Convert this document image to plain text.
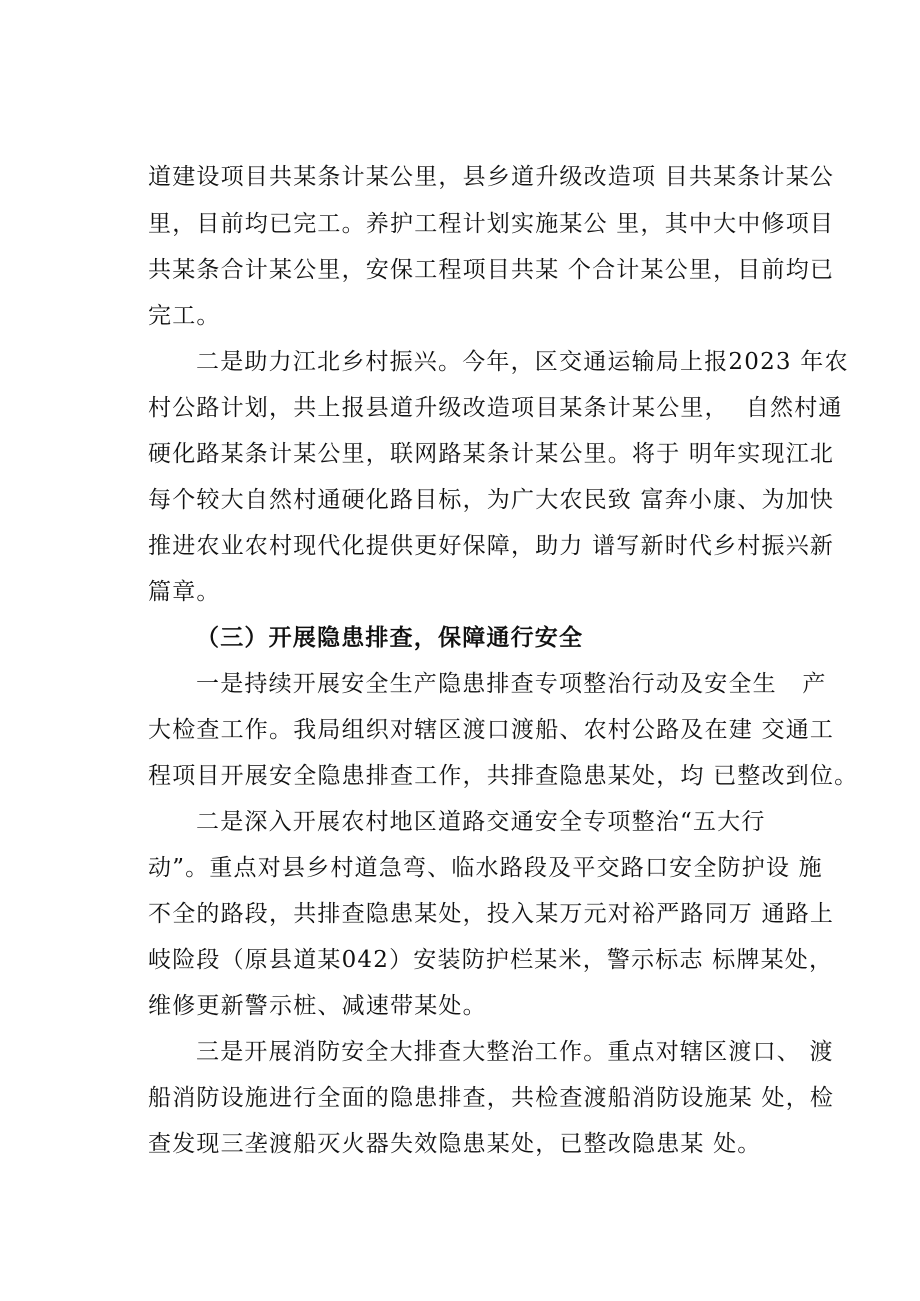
道建设项目共某条计某公里，县乡道升级改造项 目共某条计某公
里，目前均已完工。养护工程计划实施某公 里，其中大中修项目
共某条合计某公里，安保工程项目共某 个合计某公里，目前均已
完工。
二是助力江北乡村振兴。今年，区交通运输局上报2023 年农
村公路计划，共上报县道升级改造项目某条计某公里，  自然村通
硬化路某条计某公里，联网路某条计某公里。将于 明年实现江北
每个较大自然村通硬化路目标，为广大农民致 富奔小康、为加快
推进农业农村现代化提供更好保障，助力 谱写新时代乡村振兴新
篇章。
（三）开展隐患排查，保障通行安全
一是持续开展安全生产隐患排查专项整治行动及安全生   产
大检查工作。我局组织对辖区渡口渡船、农村公路及在建 交通工
程项目开展安全隐患排查工作，共排查隐患某处，均 已整改到位。
二是深入开展农村地区道路交通安全专项整治“五大行
动”。重点对县乡村道急弯、临水路段及平交路口安全防护设 施
不全的路段，共排查隐患某处，投入某万元对裕严路同万 通路上
岐险段（原县道某042）安装防护栏某米，警示标志 标牌某处，
维修更新警示桩、减速带某处。
三是开展消防安全大排查大整治工作。重点对辖区渡口、 渡
船消防设施进行全面的隐患排查，共检查渡船消防设施某 处，检
查发现三垄渡船灭火器失效隐患某处，已整改隐患某 处。
